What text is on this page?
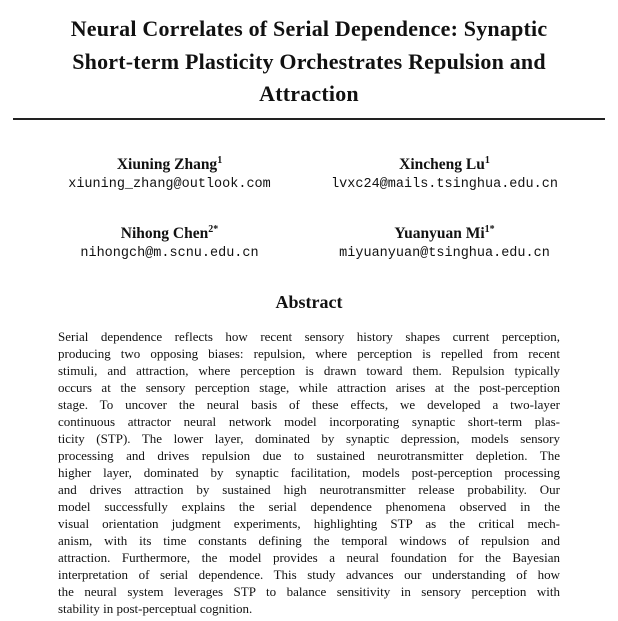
Neural Correlates of Serial Dependence: Synaptic
Short-term Plasticity Orchestrates Repulsion and
Attraction
Xiuning Zhang$^1$
xiuning_zhang@outlook.com
Xincheng Lu$^1$
lvxc24@mails.tsinghua.edu.cn
Nihong Chen$^{2*}$
nihongch@m.scnu.edu.cn
Yuanyuan $Mi^{1*}$
miyuanyuan@tsinghua.edu.cn
Abstract
Serial dependence reflects how recent sensory history shapes current perception,
producing two opposing biases: repulsion, where perception is repelled from recent
stimuli, and attraction, where perception is drawn toward them. Repulsion typically
occurs at the sensory perception stage, while attraction arises at the post-perception
stage. To uncover the neural basis of these effects, we developed a two-layer
continuous attractor neural network model incorporating synaptic short-term plas-
ticity (STP). The lower layer, dominated by synaptic depression, models sensory
processing and drives repulsion due to sustained neurotransmitter depletion. The
higher layer, dominated by synaptic facilitation, models post-perception processing
and drives attraction by sustained high neurotransmitter release probability. Our
model successfully explains the serial dependence phenomena observed in the
visual orientation judgment experiments, highlighting STP as the critical mech-
anism, with its time constants defining the temporal windows of repulsion and
attraction. Furthermore, the model provides a neural foundation for the Bayesian
interpretation of serial dependence. This study advances our understanding of how
the neural system leverages STP to balance sensitivity in sensory perception with
stability in post-perceptual cognition.
